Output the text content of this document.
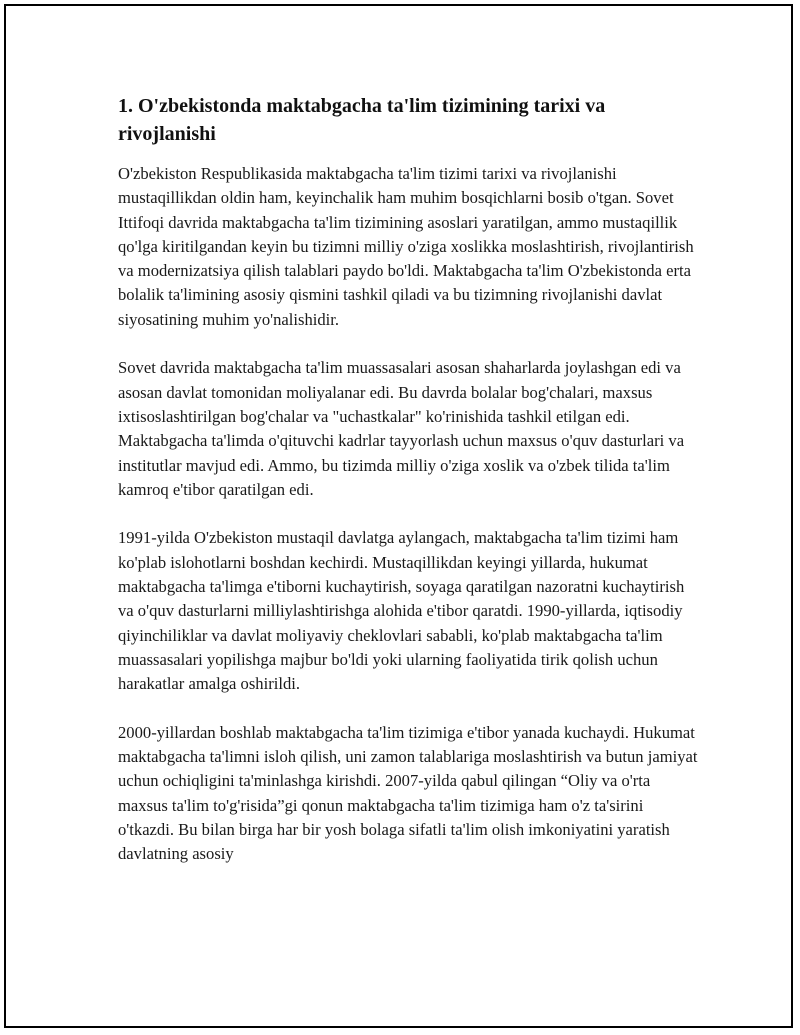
1. O'zbekistonda maktabgacha ta'lim tizimining tarixi va rivojlanishi

O'zbekiston Respublikasida maktabgacha ta'lim tizimi tarixi va rivojlanishi mustaqillikdan oldin ham, keyinchalik ham muhim bosqichlarni bosib o'tgan. Sovet Ittifoqi davrida maktabgacha ta'lim tizimining asoslari yaratilgan, ammo mustaqillik qo'lga kiritilgandan keyin bu tizimni milliy o'ziga xoslikka moslashtirish, rivojlantirish va modernizatsiya qilish talablari paydo bo'ldi. Maktabgacha ta'lim O'zbekistonda erta bolalik ta'limining asosiy qismini tashkil qiladi va bu tizimning rivojlanishi davlat siyosatining muhim yo'nalishidir.

Sovet davrida maktabgacha ta'lim muassasalari asosan shaharlarda joylashgan edi va asosan davlat tomonidan moliyalanar edi. Bu davrda bolalar bog'chalari, maxsus ixtisoslashtirilgan bog'chalar va "uchastkalar" ko'rinishida tashkil etilgan edi. Maktabgacha ta'limda o'qituvchi kadrlar tayyorlash uchun maxsus o'quv dasturlari va institutlar mavjud edi. Ammo, bu tizimda milliy o'ziga xoslik va o'zbek tilida ta'lim kamroq e'tibor qaratilgan edi.

1991-yilda O'zbekiston mustaqil davlatga aylangach, maktabgacha ta'lim tizimi ham ko'plab islohotlarni boshdan kechirdi. Mustaqillikdan keyingi yillarda, hukumat maktabgacha ta'limga e'tiborni kuchaytirish, soyaga qaratilgan nazoratni kuchaytirish va o'quv dasturlarni milliylashtirishga alohida e'tibor qaratdi. 1990-yillarda, iqtisodiy qiyinchiliklar va davlat moliyaviy cheklovlari sababli, ko'plab maktabgacha ta'lim muassasalari yopilishga majbur bo'ldi yoki ularning faoliyatida tirik qolish uchun harakatlar amalga oshirildi.

2000-yillardan boshlab maktabgacha ta'lim tizimiga e'tibor yanada kuchaydi. Hukumat maktabgacha ta'limni isloh qilish, uni zamon talablariga moslashtirish va butun jamiyat uchun ochiqligini ta'minlashga kirishdi. 2007-yilda qabul qilingan “Oliy va o'rta maxsus ta'lim to'g'risida”gi qonun maktabgacha ta'lim tizimiga ham o'z ta'sirini o'tkazdi. Bu bilan birga har bir yosh bolaga sifatli ta'lim olish imkoniyatini yaratish davlatning asosiy
